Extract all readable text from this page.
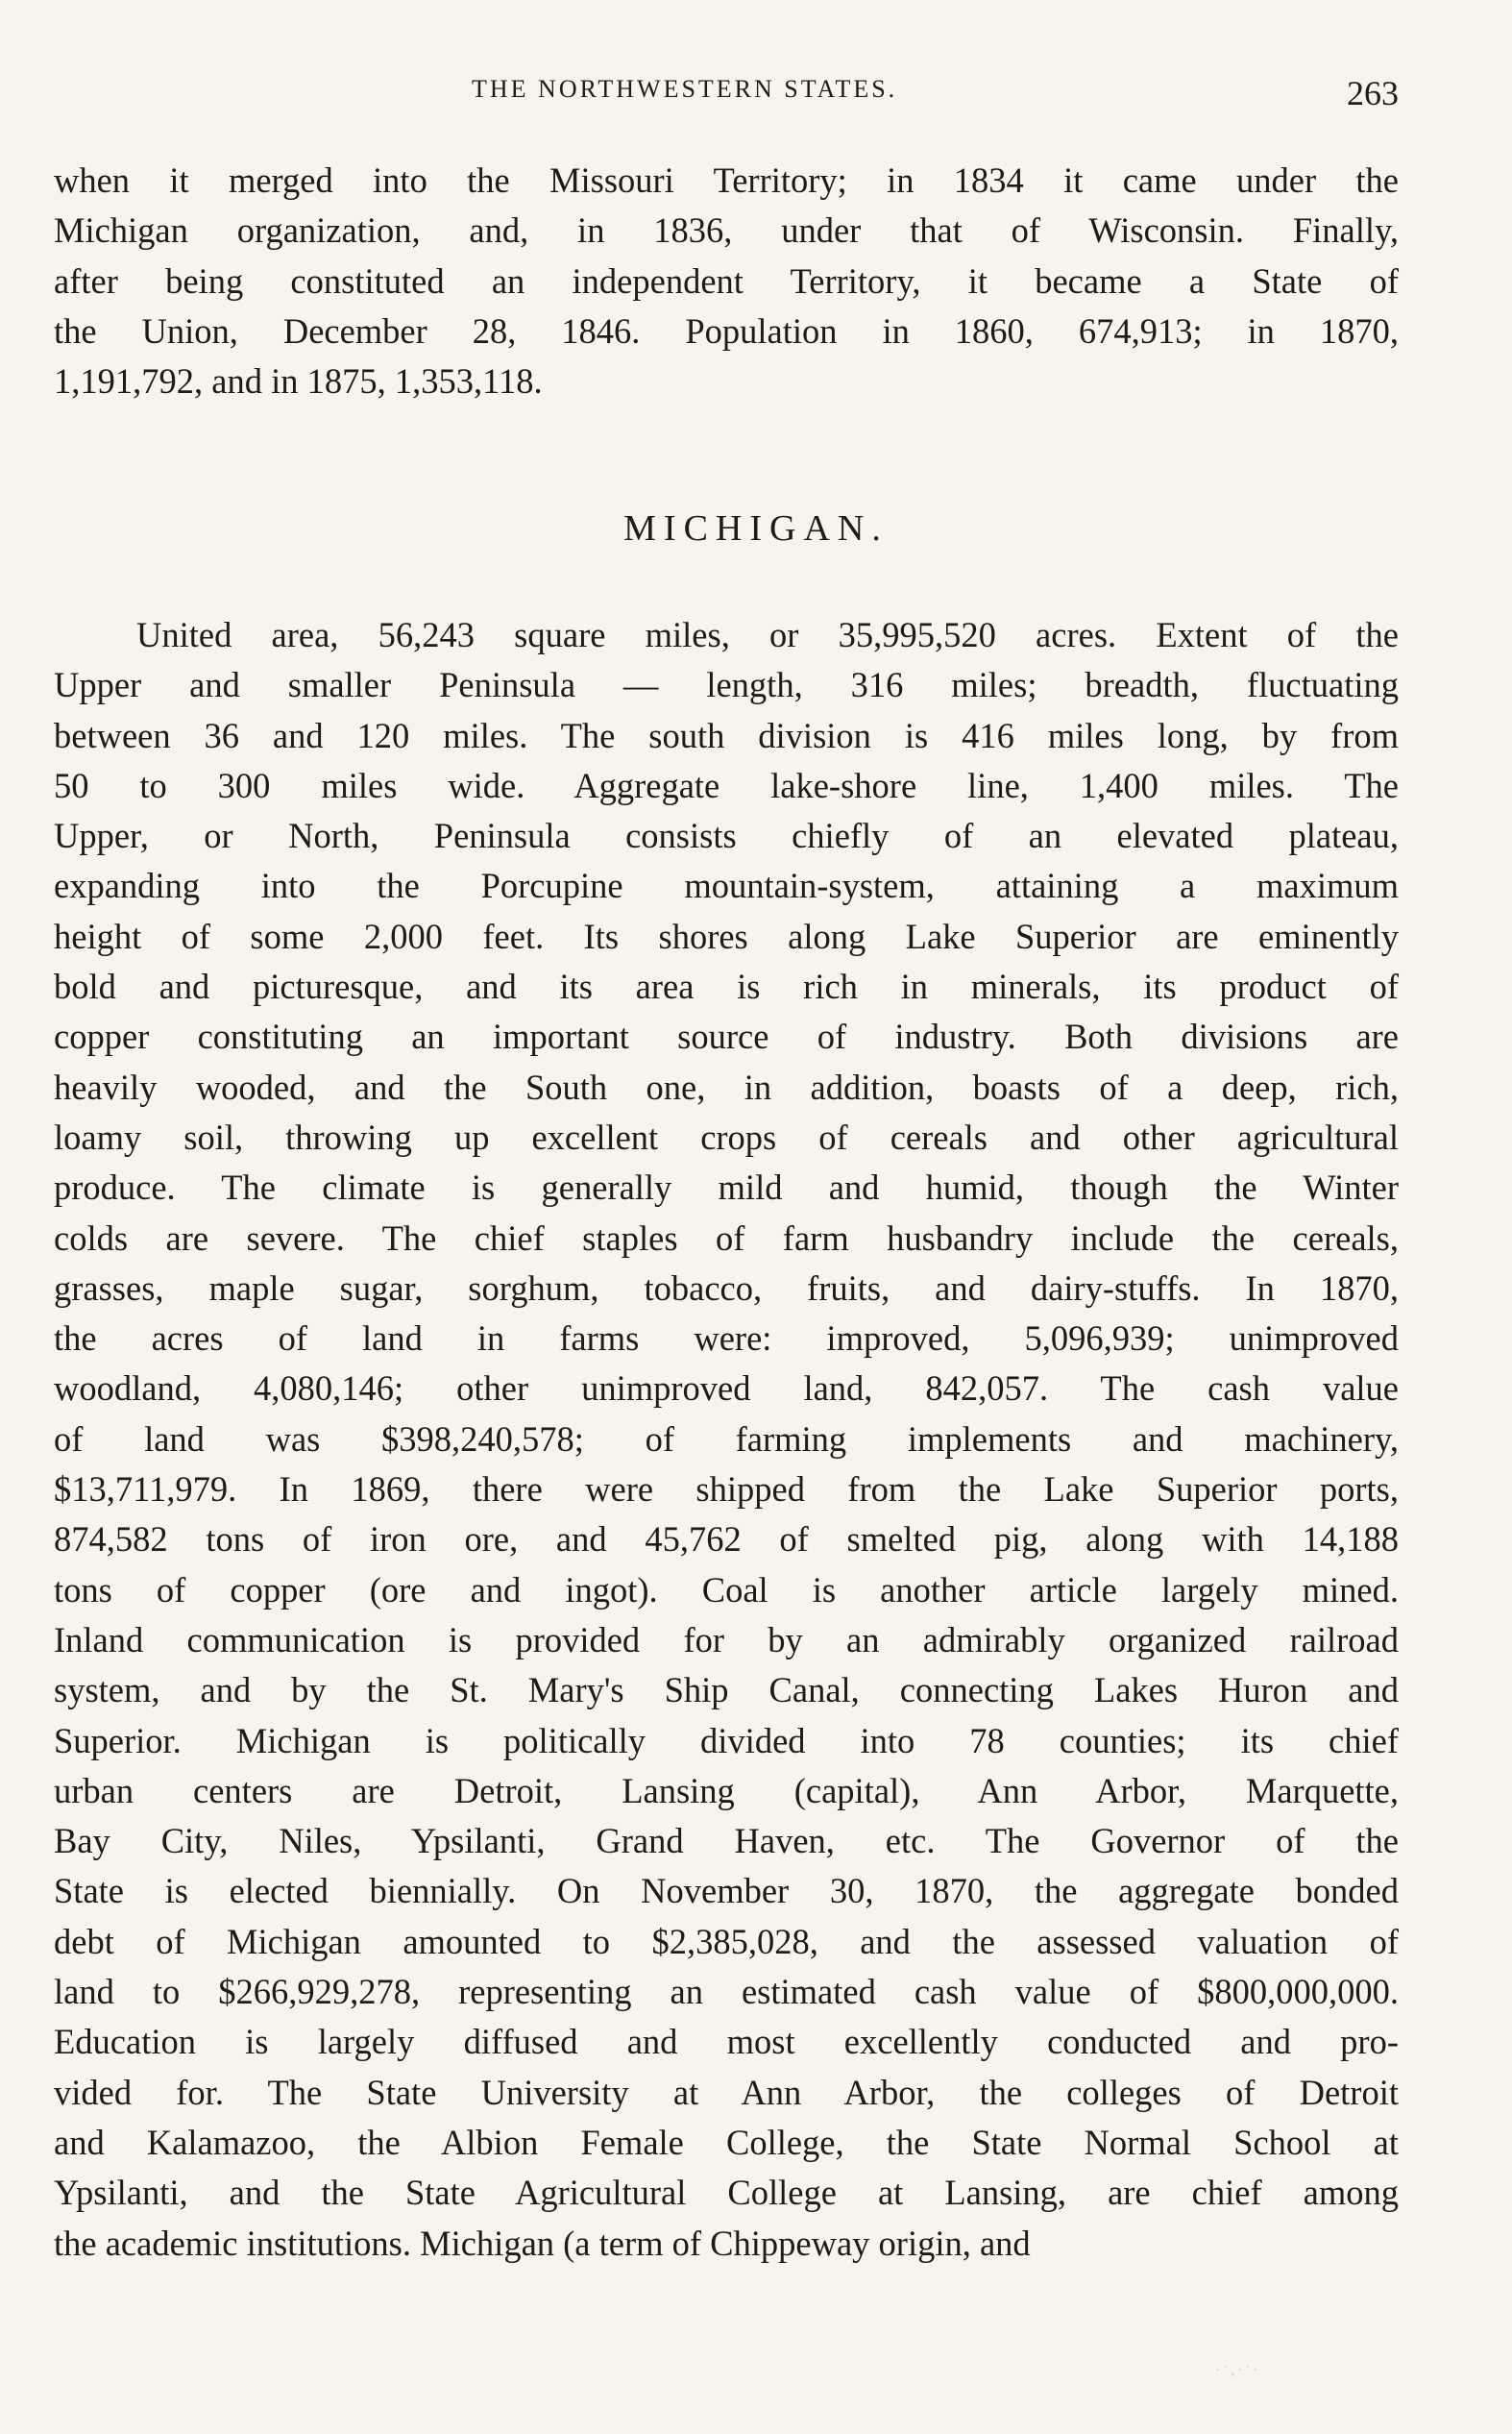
THE NORTHWESTERN STATES.	263
when it merged into the Missouri Territory; in 1834 it came under the
Michigan organization, and, in 1836, under that of Wisconsin. Finally,
after being constituted an independent Territory, it became a State of
the Union, December 28, 1846. Population in 1860, 674,913; in 1870,
1,191,792, and in 1875, 1,353,118.
MICHIGAN.
United area, 56,243 square miles, or 35,995,520 acres. Extent of the
Upper and smaller Peninsula — length, 316 miles; breadth, fluctuating
between 36 and 120 miles. The south division is 416 miles long, by from
50 to 300 miles wide. Aggregate lake-shore line, 1,400 miles. The
Upper, or North, Peninsula consists chiefly of an elevated plateau,
expanding into the Porcupine mountain-system, attaining a maximum
height of some 2,000 feet. Its shores along Lake Superior are eminently
bold and picturesque, and its area is rich in minerals, its product of
copper constituting an important source of industry. Both divisions are
heavily wooded, and the South one, in addition, boasts of a deep, rich,
loamy soil, throwing up excellent crops of cereals and other agricultural
produce. The climate is generally mild and humid, though the Winter
colds are severe. The chief staples of farm husbandry include the cereals,
grasses, maple sugar, sorghum, tobacco, fruits, and dairy-stuffs. In 1870,
the acres of land in farms were: improved, 5,096,939; unimproved
woodland, 4,080,146; other unimproved land, 842,057. The cash value
of land was $398,240,578; of farming implements and machinery,
$13,711,979. In 1869, there were shipped from the Lake Superior ports,
874,582 tons of iron ore, and 45,762 of smelted pig, along with 14,188
tons of copper (ore and ingot). Coal is another article largely mined.
Inland communication is provided for by an admirably organized railroad
system, and by the St. Mary's Ship Canal, connecting Lakes Huron and
Superior. Michigan is politically divided into 78 counties; its chief
urban centers are Detroit, Lansing (capital), Ann Arbor, Marquette,
Bay City, Niles, Ypsilanti, Grand Haven, etc. The Governor of the
State is elected biennially. On November 30, 1870, the aggregate bonded
debt of Michigan amounted to $2,385,028, and the assessed valuation of
land to $266,929,278, representing an estimated cash value of $800,000,000.
Education is largely diffused and most excellently conducted and pro-
vided for. The State University at Ann Arbor, the colleges of Detroit
and Kalamazoo, the Albion Female College, the State Normal School at
Ypsilanti, and the State Agricultural College at Lansing, are chief among
the academic institutions. Michigan (a term of Chippeway origin, and
· ˙ , · ˙ ·
